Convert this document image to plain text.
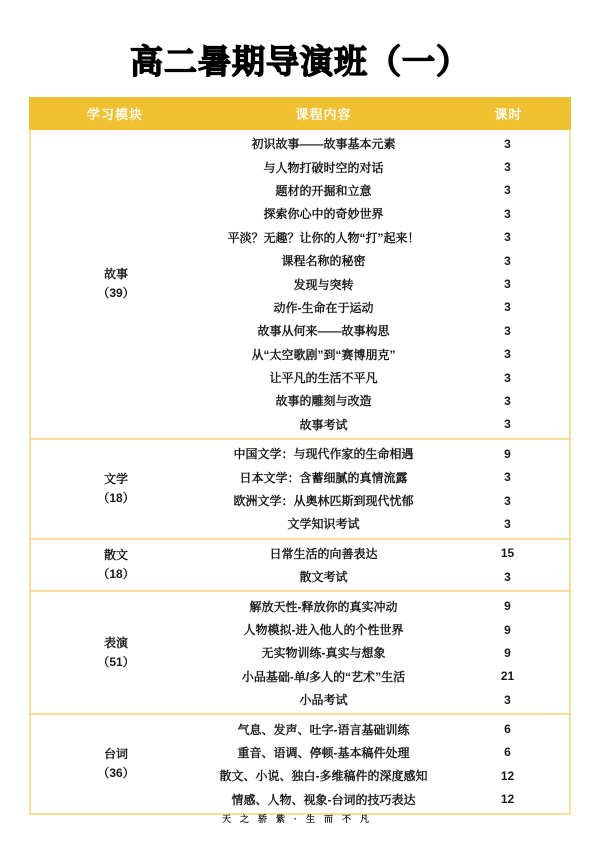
高二暑期导演班（一）
学习模块	课程内容	课时
故事
（39）
初识故事——故事基本元素	3
与人物打破时空的对话	3
题材的开掘和立意	3
探索你心中的奇妙世界	3
平淡？无趣？让你的人物“打”起来！	3
课程名称的秘密	3
发现与突转	3
动作-生命在于运动	3
故事从何来——故事构思	3
从“太空歌剧”到“赛博朋克”	3
让平凡的生活不平凡	3
故事的雕刻与改造	3
故事考试	3
文学
（18）
中国文学：与现代作家的生命相遇	9
日本文学：含蓄细腻的真情流露	3
欧洲文学：从奥林匹斯到现代忧郁	3
文学知识考试	3
散文
（18）
日常生活的向善表达	15
散文考试	3
表演
（51）
解放天性-释放你的真实冲动	9
人物模拟-进入他人的个性世界	9
无实物训练-真实与想象	9
小品基础-单/多人的“艺术”生活	21
小品考试	3
台词
（36）
气息、发声、吐字-语言基础训练	6
重音、语调、停顿-基本稿件处理	6
散文、小说、独白-多维稿件的深度感知	12
情感、人物、视象-台词的技巧表达	12
天之骄紫·生而不凡
